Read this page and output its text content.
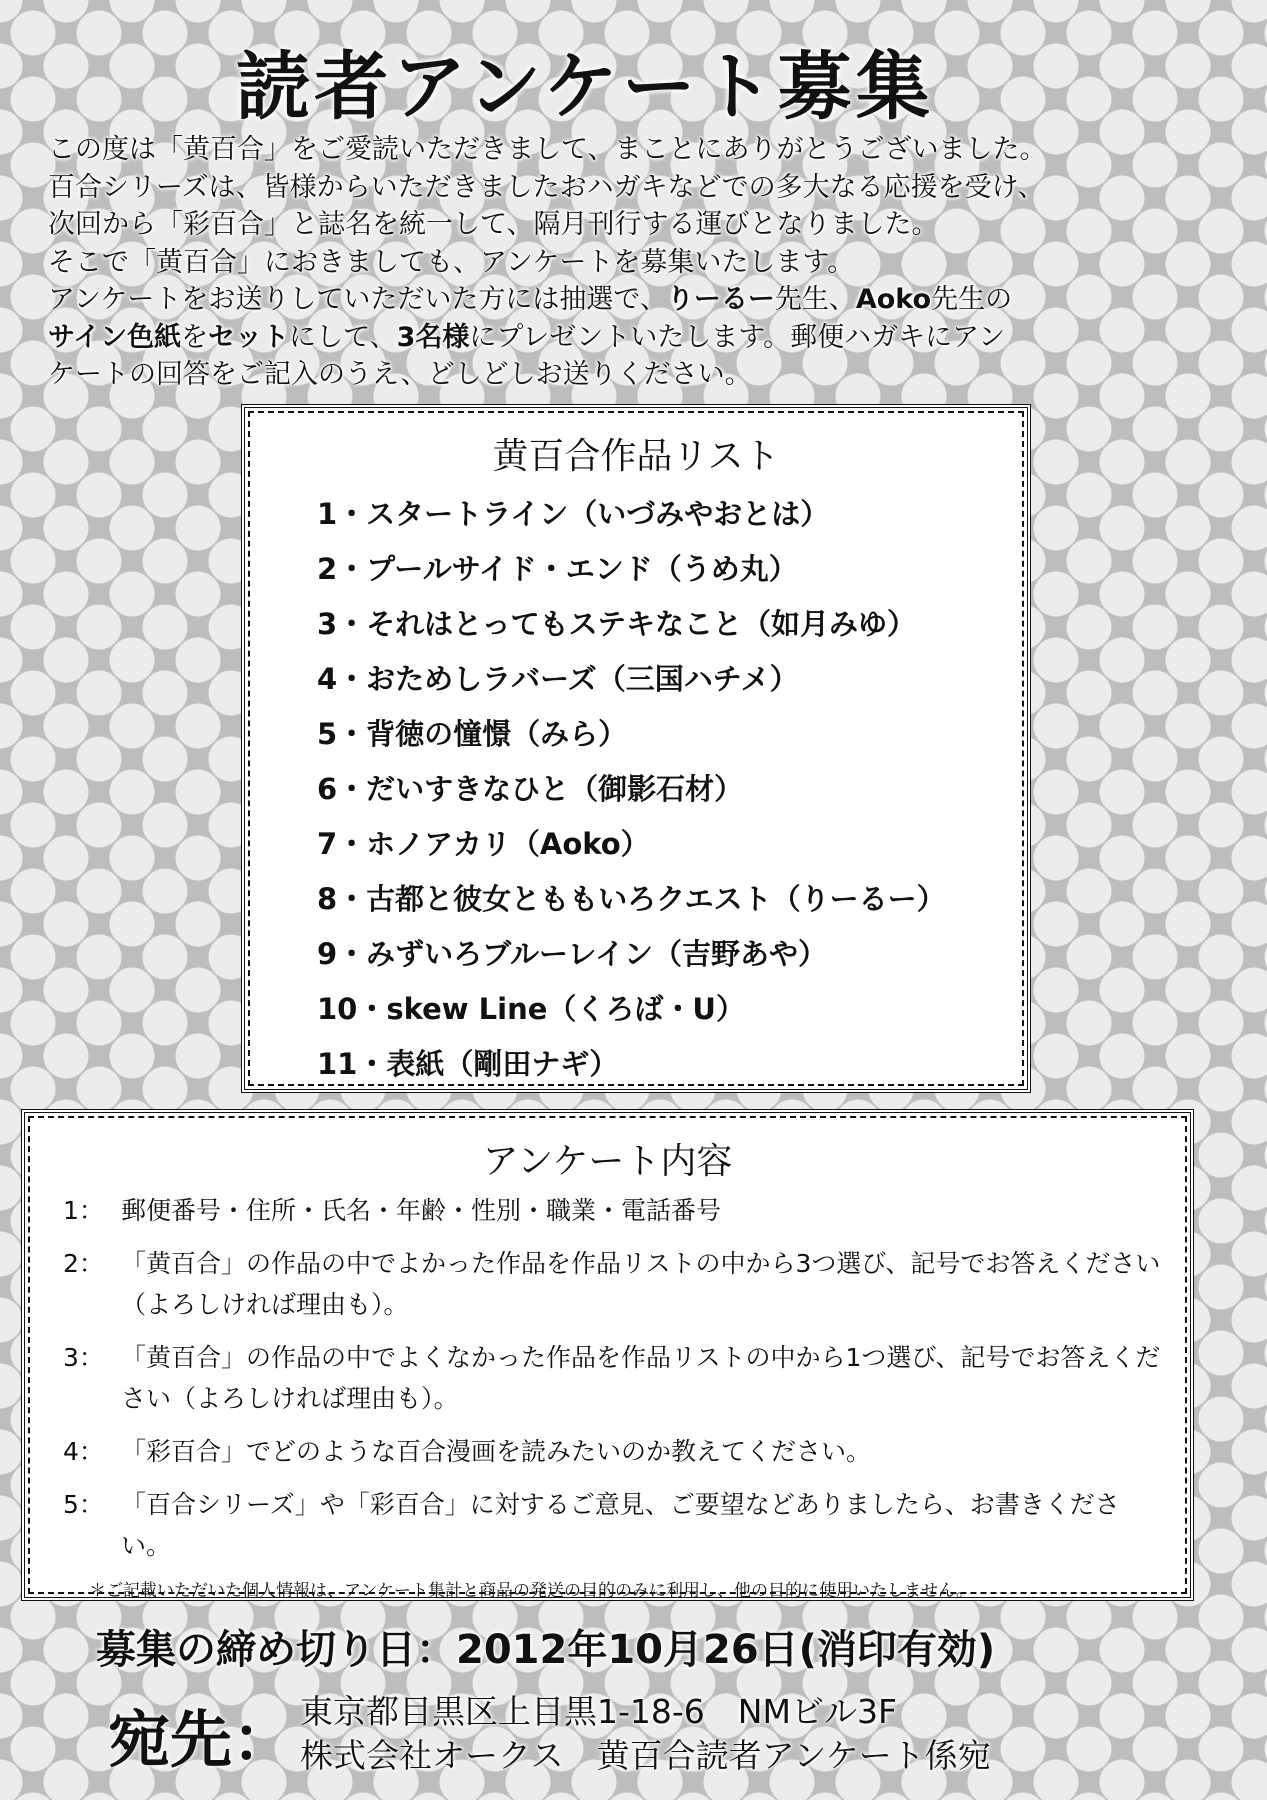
読者アンケート募集
この度は「黄百合」をご愛読いただきまして、まことにありがとうございました。
百合シリーズは、皆様からいただきましたおハガキなどでの多大なる応援を受け、
次回から「彩百合」と誌名を統一して、隔月刊行する運びとなりました。
そこで「黄百合」におきましても、アンケートを募集いたします。
アンケートをお送りしていただいた方には抽選で、りーるー先生、Aoko先生の
サイン色紙をセットにして、3名様にプレゼントいたします。郵便ハガキにアン
ケートの回答をご記入のうえ、どしどしお送りください。
黄百合作品リスト
1・スタートライン（いづみやおとは）
2・プールサイド・エンド（うめ丸）
3・それはとってもステキなこと（如月みゆ）
4・おためしラバーズ（三国ハチメ）
5・背徳の憧憬（みら）
6・だいすきなひと（御影石材）
7・ホノアカリ（Aoko）
8・古都と彼女とももいろクエスト（りーるー）
9・みずいろブルーレイン（吉野あや）
10・skew Line（くろば・U）
11・表紙（剛田ナギ）
アンケート内容
1： 郵便番号・住所・氏名・年齢・性別・職業・電話番号
2： 「黄百合」の作品の中でよかった作品を作品リストの中から3つ選び、記号でお答えください（よろしければ理由も）。
3： 「黄百合」の作品の中でよくなかった作品を作品リストの中から1つ選び、記号でお答えください（よろしければ理由も）。
4： 「彩百合」でどのような百合漫画を読みたいのか教えてください。
5： 「百合シリーズ」や「彩百合」に対するご意見、ご要望などありましたら、お書きください。
＊ご記載いただいた個人情報は、アンケート集計と商品の発送の目的のみに利用し、他の目的に使用いたしません。
募集の締め切り日：2012年10月26日(消印有効)
宛先： 東京都目黒区上目黒1-18-6　NMビル3F
株式会社オークス　黄百合読者アンケート係宛
